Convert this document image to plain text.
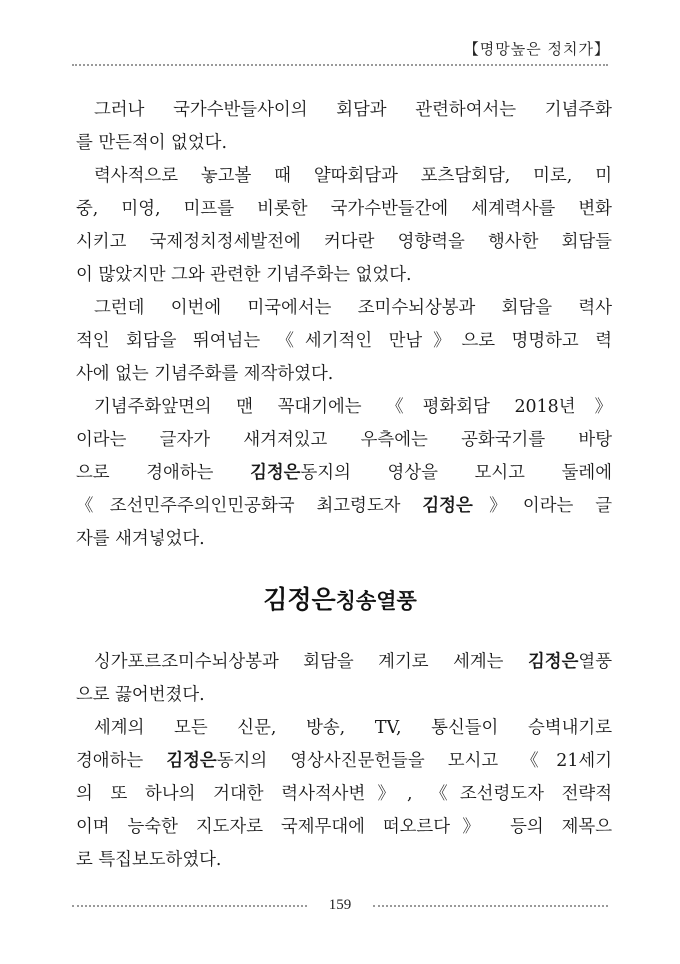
【명망높은 정치가】

그러나 국가수반들사이의 회담과 관련하여서는 기념주화
를 만든적이 없었다.

력사적으로 놓고볼 때 얄따회담과 포츠담회담, 미로, 미
중, 미영, 미프를 비롯한 국가수반들간에 세계력사를 변화
시키고 국제정치정세발전에 커다란 영향력을 행사한 회담들
이 많았지만 그와 관련한 기념주화는 없었다.

그런데 이번에 미국에서는 조미수뇌상봉과 회담을 력사
적인 회담을 뛰여넘는 《세기적인 만남》으로 명명하고 력
사에 없는 기념주화를 제작하였다.

기념주화앞면의 맨 꼭대기에는 《평화회담 2018년》
이라는 글자가 새겨져있고 우측에는 공화국기를 바탕
으로 경애하는 김정은동지의 영상을 모시고 둘레에
《조선민주주의인민공화국 최고령도자 김정은》이라는 글
자를 새겨넣었다.

김정은칭송열풍

싱가포르조미수뇌상봉과 회담을 계기로 세계는 김정은열풍
으로 끓어번졌다.

세계의 모든 신문, 방송, TV, 통신들이 승벽내기로
경애하는 김정은동지의 영상사진문헌들을 모시고 《21세기
의 또 하나의 거대한 력사적사변》, 《조선령도자 전략적
이며 능숙한 지도자로 국제무대에 떠오르다》 등의 제목으
로 특집보도하였다.

159
